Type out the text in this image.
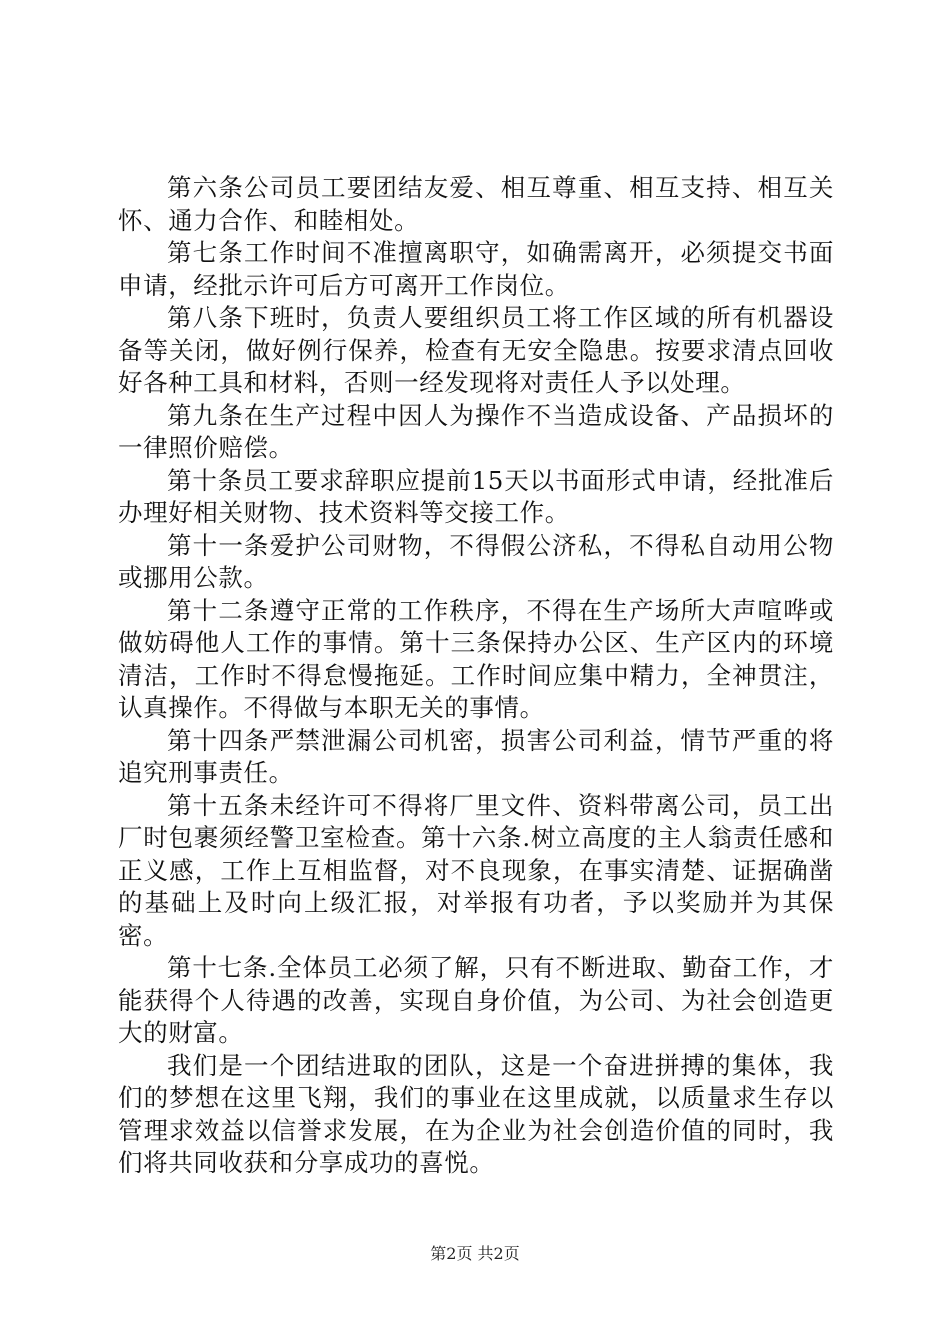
第六条公司员工要团结友爱、相互尊重、相互支持、相互关怀、通力合作、和睦相处。

第七条工作时间不准擅离职守，如确需离开，必须提交书面申请，经批示许可后方可离开工作岗位。

第八条下班时，负责人要组织员工将工作区域的所有机器设备等关闭，做好例行保养，检查有无安全隐患。按要求清点回收好各种工具和材料，否则一经发现将对责任人予以处理。

第九条在生产过程中因人为操作不当造成设备、产品损坏的一律照价赔偿。

第十条员工要求辞职应提前15天以书面形式申请，经批准后办理好相关财物、技术资料等交接工作。

第十一条爱护公司财物，不得假公济私，不得私自动用公物或挪用公款。

第十二条遵守正常的工作秩序，不得在生产场所大声喧哗或做妨碍他人工作的事情。第十三条保持办公区、生产区内的环境清洁，工作时不得怠慢拖延。工作时间应集中精力，全神贯注，认真操作。不得做与本职无关的事情。

第十四条严禁泄漏公司机密，损害公司利益，情节严重的将追究刑事责任。

第十五条未经许可不得将厂里文件、资料带离公司，员工出厂时包裹须经警卫室检查。第十六条.树立高度的主人翁责任感和正义感，工作上互相监督，对不良现象，在事实清楚、证据确凿的基础上及时向上级汇报，对举报有功者，予以奖励并为其保密。

第十七条.全体员工必须了解，只有不断进取、勤奋工作，才能获得个人待遇的改善，实现自身价值，为公司、为社会创造更大的财富。

我们是一个团结进取的团队，这是一个奋进拼搏的集体，我们的梦想在这里飞翔，我们的事业在这里成就，以质量求生存以管理求效益以信誉求发展，在为企业为社会创造价值的同时，我们将共同收获和分享成功的喜悦。

第2页 共2页
